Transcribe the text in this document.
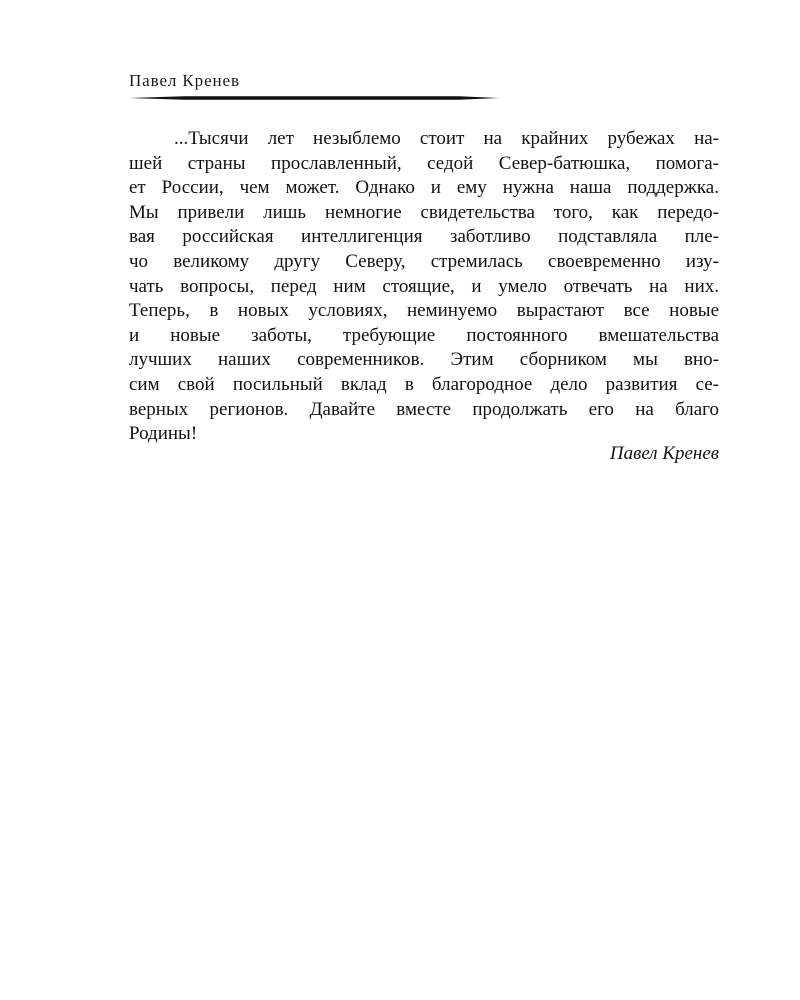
Павел Кренев
...Тысячи лет незыблемо стоит на крайних рубежах на-
шей страны прославленный, седой Север-батюшка, помога-
ет России, чем может. Однако и ему нужна наша поддержка.
Мы привели лишь немногие свидетельства того, как передо-
вая российская интеллигенция заботливо подставляла пле-
чо великому другу Северу, стремилась своевременно изу-
чать вопросы, перед ним стоящие, и умело отвечать на них.
Теперь, в новых условиях, неминуемо вырастают все новые
и новые заботы, требующие постоянного вмешательства
лучших наших современников. Этим сборником мы вно-
сим свой посильный вклад в благородное дело развития се-
верных регионов. Давайте вместе продолжать его на благо
Родины!
Павел Кренев
